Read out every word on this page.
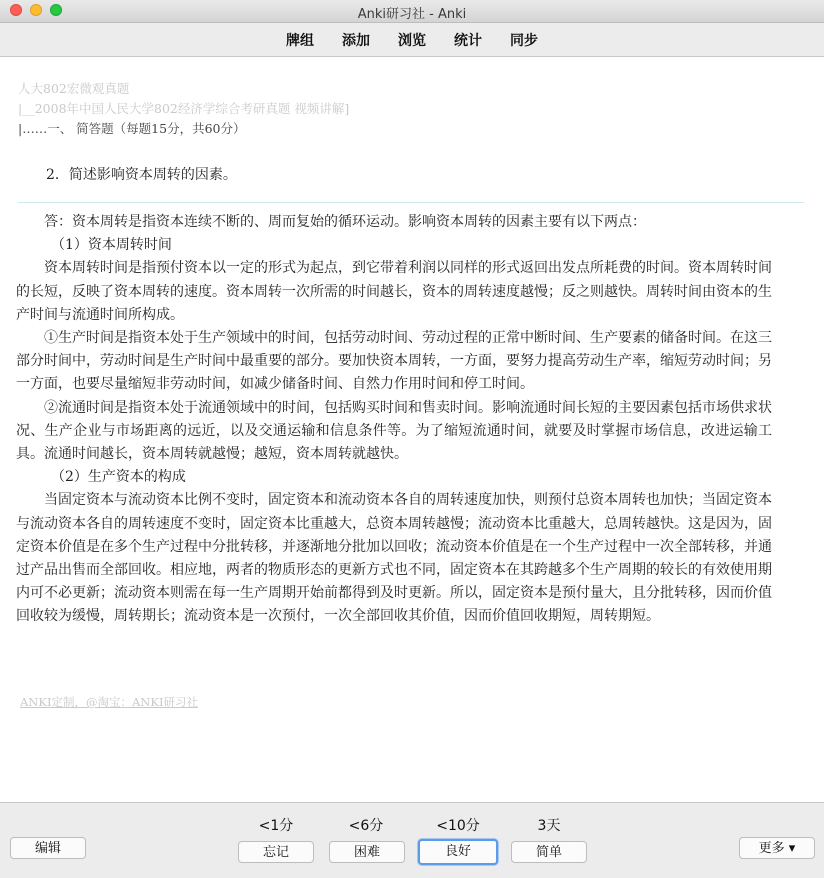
Anki研习社 - Anki
牌组 添加 浏览 统计 同步
人大802宏微观真题
|__2008年中国人民大学802经济学综合考研真题 视频讲解]
|……一、 简答题（每题15分，共60分）
2．简述影响资本周转的因素。

答：资本周转是指资本连续不断的、周而复始的循环运动。影响资本周转的因素主要有以下两点：

（1）资本周转时间

资本周转时间是指预付资本以一定的形式为起点，到它带着利润以同样的形式返回出发点所耗费的时间。资本周转时间的长短，反映了资本周转的速度。资本周转一次所需的时间越长，资本的周转速度越慢；反之则越快。周转时间由资本的生产时间与流通时间所构成。

①生产时间是指资本处于生产领域中的时间，包括劳动时间、劳动过程的正常中断时间、生产要素的储备时间。在这三部分时间中，劳动时间是生产时间中最重要的部分。要加快资本周转，一方面，要努力提高劳动生产率，缩短劳动时间；另一方面，也要尽量缩短非劳动时间，如减少储备时间、自然力作用时间和停工时间。

②流通时间是指资本处于流通领域中的时间，包括购买时间和售卖时间。影响流通时间长短的主要因素包括市场供求状况、生产企业与市场距离的远近，以及交通运输和信息条件等。为了缩短流通时间，就要及时掌握市场信息，改进运输工具。流通时间越长，资本周转就越慢；越短，资本周转就越快。

（2）生产资本的构成

当固定资本与流动资本比例不变时，固定资本和流动资本各自的周转速度加快，则预付总资本周转也加快；当固定资本与流动资本各自的周转速度不变时，固定资本比重越大，总资本周转越慢；流动资本比重越大，总周转越快。这是因为，固定资本价值是在多个生产过程中分批转移，并逐渐地分批加以回收；流动资本价值是在一个生产过程中一次全部转移，并通过产品出售而全部回收。相应地，两者的物质形态的更新方式也不同，固定资本在其跨越多个生产周期的较长的有效使用期内可不必更新；流动资本则需在每一生产周期开始前都得到及时更新。所以，固定资本是预付量大，且分批转移，因而价值回收较为缓慢，周转期长；流动资本是一次预付，一次全部回收其价值，因而价值回收期短，周转期短。

ANKI定制，@淘宝：ANKI研习社
编辑
<1分	<6分	<10分	3天
忘记	困难	良好	简单	更多 ▾
